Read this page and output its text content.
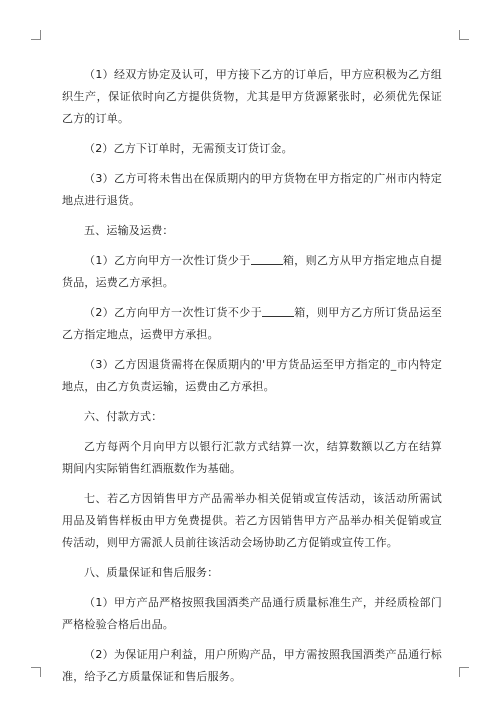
（1）经双方协定及认可，甲方接下乙方的订单后，甲方应积极为乙方组织生产，保证依时向乙方提供货物，尤其是甲方货源紧张时，必须优先保证乙方的订单。

（2）乙方下订单时，无需预支订货订金。

（3）乙方可将未售出在保质期内的甲方货物在甲方指定的广州市内特定地点进行退货。

五、运输及运费：

（1）乙方向甲方一次性订货少于	箱，则乙方从甲方指定地点自提货品，运费乙方承担。

（2）乙方向甲方一次性订货不少于	箱，则甲方乙方所订货品运至乙方指定地点，运费甲方承担。

（3）乙方因退货需将在保质期内的'甲方货品运至甲方指定的_市内特定地点，由乙方负责运输，运费由乙方承担。

六、付款方式：

乙方每两个月向甲方以银行汇款方式结算一次，结算数额以乙方在结算期间内实际销售红酒瓶数作为基础。

七、若乙方因销售甲方产品需举办相关促销或宣传活动，该活动所需试用品及销售样板由甲方免费提供。若乙方因销售甲方产品举办相关促销或宣传活动，则甲方需派人员前往该活动会场协助乙方促销或宣传工作。

八、质量保证和售后服务：

（1）甲方产品严格按照我国酒类产品通行质量标准生产，并经质检部门严格检验合格后出品。

（2）为保证用户利益，用户所购产品，甲方需按照我国酒类产品通行标准，给予乙方质量保证和售后服务。
